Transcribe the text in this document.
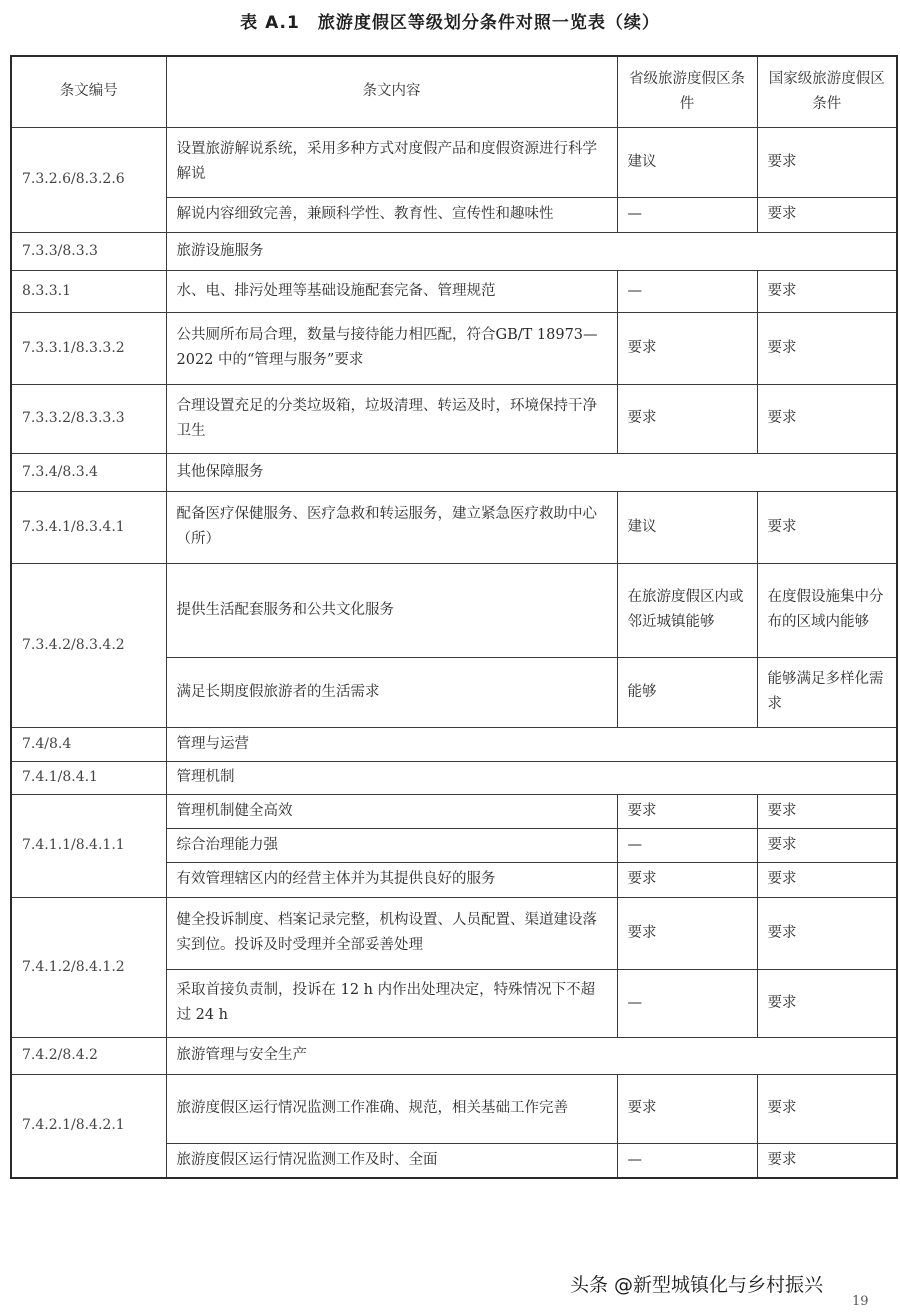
表 A.1　旅游度假区等级划分条件对照一览表（续）
条文编号	条文内容	省级旅游度假区条件	国家级旅游度假区条件
7.3.2.6/8.3.2.6	设置旅游解说系统，采用多种方式对度假产品和度假资源进行科学解说	建议	要求
	解说内容细致完善，兼顾科学性、教育性、宣传性和趣味性	—	要求
7.3.3/8.3.3	旅游设施服务		
8.3.3.1	水、电、排污处理等基础设施配套完备、管理规范	—	要求
7.3.3.1/8.3.3.2	公共厕所布局合理，数量与接待能力相匹配，符合GB/T 18973—2022 中的“管理与服务”要求	要求	要求
7.3.3.2/8.3.3.3	合理设置充足的分类垃圾箱，垃圾清理、转运及时，环境保持干净卫生	要求	要求
7.3.4/8.3.4	其他保障服务		
7.3.4.1/8.3.4.1	配备医疗保健服务、医疗急救和转运服务，建立紧急医疗救助中心（所）	建议	要求
7.3.4.2/8.3.4.2	提供生活配套服务和公共文化服务	在旅游度假区内或邻近城镇能够	在度假设施集中分布的区域内能够
	满足长期度假旅游者的生活需求	能够	能够满足多样化需求
7.4/8.4	管理与运营		
7.4.1/8.4.1	管理机制		
7.4.1.1/8.4.1.1	管理机制健全高效	要求	要求
	综合治理能力强	—	要求
	有效管理辖区内的经营主体并为其提供良好的服务	要求	要求
7.4.1.2/8.4.1.2	健全投诉制度、档案记录完整，机构设置、人员配置、渠道建设落实到位。投诉及时受理并全部妥善处理	要求	要求
	采取首接负责制，投诉在 12 h 内作出处理决定，特殊情况下不超过 24 h	—	要求
7.4.2/8.4.2	旅游管理与安全生产		
7.4.2.1/8.4.2.1	旅游度假区运行情况监测工作准确、规范，相关基础工作完善	要求	要求
	旅游度假区运行情况监测工作及时、全面	—	要求
头条 @新型城镇化与乡村振兴
19
